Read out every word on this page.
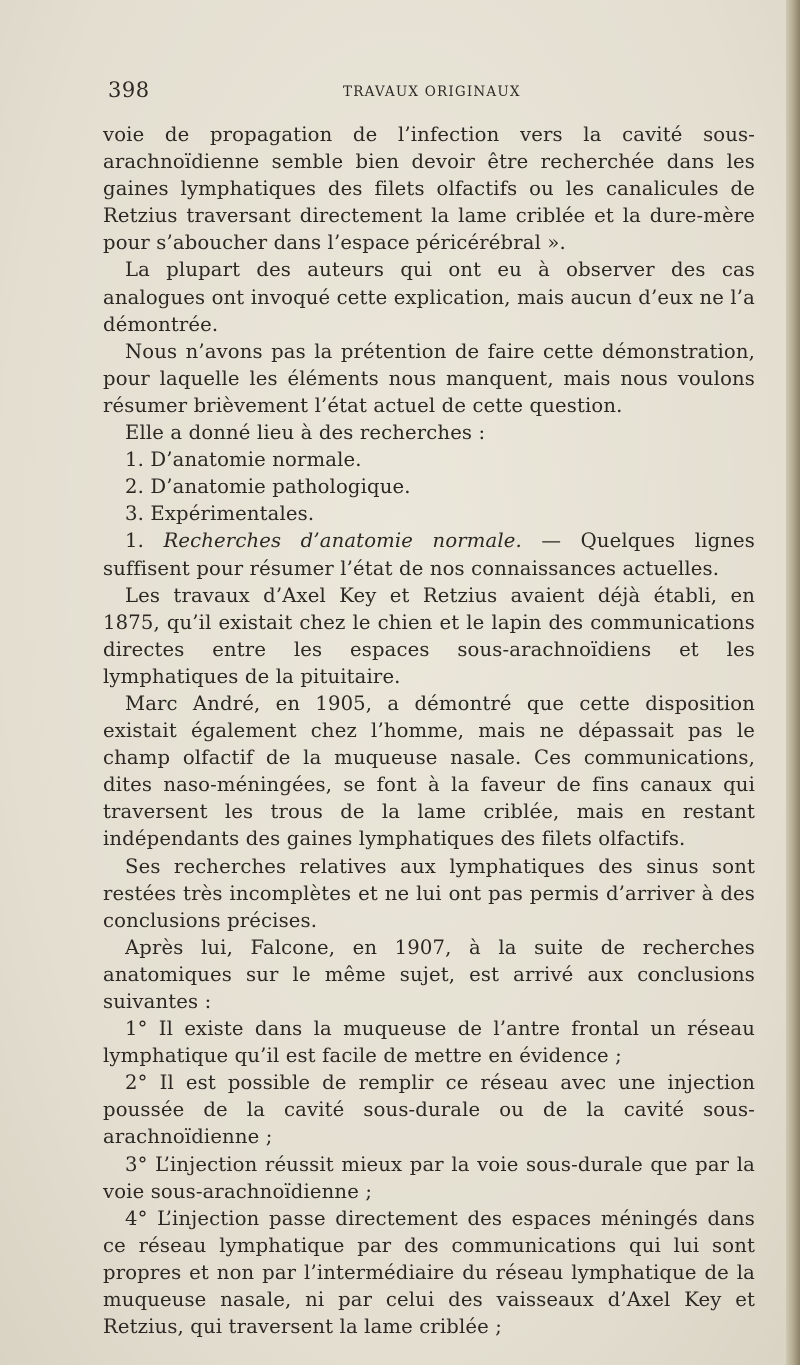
398	TRAVAUX ORIGINAUX

voie de propagation de l’infection vers la cavité sous-arachnoïdienne semble bien devoir être recherchée dans les gaines lymphatiques des filets olfactifs ou les canalicules de Retzius traversant directement la lame criblée et la dure-mère pour s’aboucher dans l’espace péricérébral ».

La plupart des auteurs qui ont eu à observer des cas analogues ont invoqué cette explication, mais aucun d’eux ne l’a démontrée.

Nous n’avons pas la prétention de faire cette démonstration, pour laquelle les éléments nous manquent, mais nous voulons résumer brièvement l’état actuel de cette question.

Elle a donné lieu à des recherches :

1. D’anatomie normale.

2. D’anatomie pathologique.

3. Expérimentales.

1. Recherches d’anatomie normale. — Quelques lignes suffisent pour résumer l’état de nos connaissances actuelles.

Les travaux d’Axel Key et Retzius avaient déjà établi, en 1875, qu’il existait chez le chien et le lapin des communications directes entre les espaces sous-arachnoïdiens et les lymphatiques de la pituitaire.

Marc André, en 1905, a démontré que cette disposition existait également chez l’homme, mais ne dépassait pas le champ olfactif de la muqueuse nasale. Ces communications, dites naso-méningées, se font à la faveur de fins canaux qui traversent les trous de la lame criblée, mais en restant indépendants des gaines lymphatiques des filets olfactifs.

Ses recherches relatives aux lymphatiques des sinus sont restées très incomplètes et ne lui ont pas permis d’arriver à des conclusions précises.

Après lui, Falcone, en 1907, à la suite de recherches anatomiques sur le même sujet, est arrivé aux conclusions suivantes :

1° Il existe dans la muqueuse de l’antre frontal un réseau lymphatique qu’il est facile de mettre en évidence ;

2° Il est possible de remplir ce réseau avec une injection poussée de la cavité sous-durale ou de la cavité sous-arachnoïdienne ;

3° L’injection réussit mieux par la voie sous-durale que par la voie sous-arachnoïdienne ;

4° L’injection passe directement des espaces méningés dans ce réseau lymphatique par des communications qui lui sont propres et non par l’intermédiaire du réseau lymphatique de la muqueuse nasale, ni par celui des vaisseaux d’Axel Key et Retzius, qui traversent la lame criblée ;
